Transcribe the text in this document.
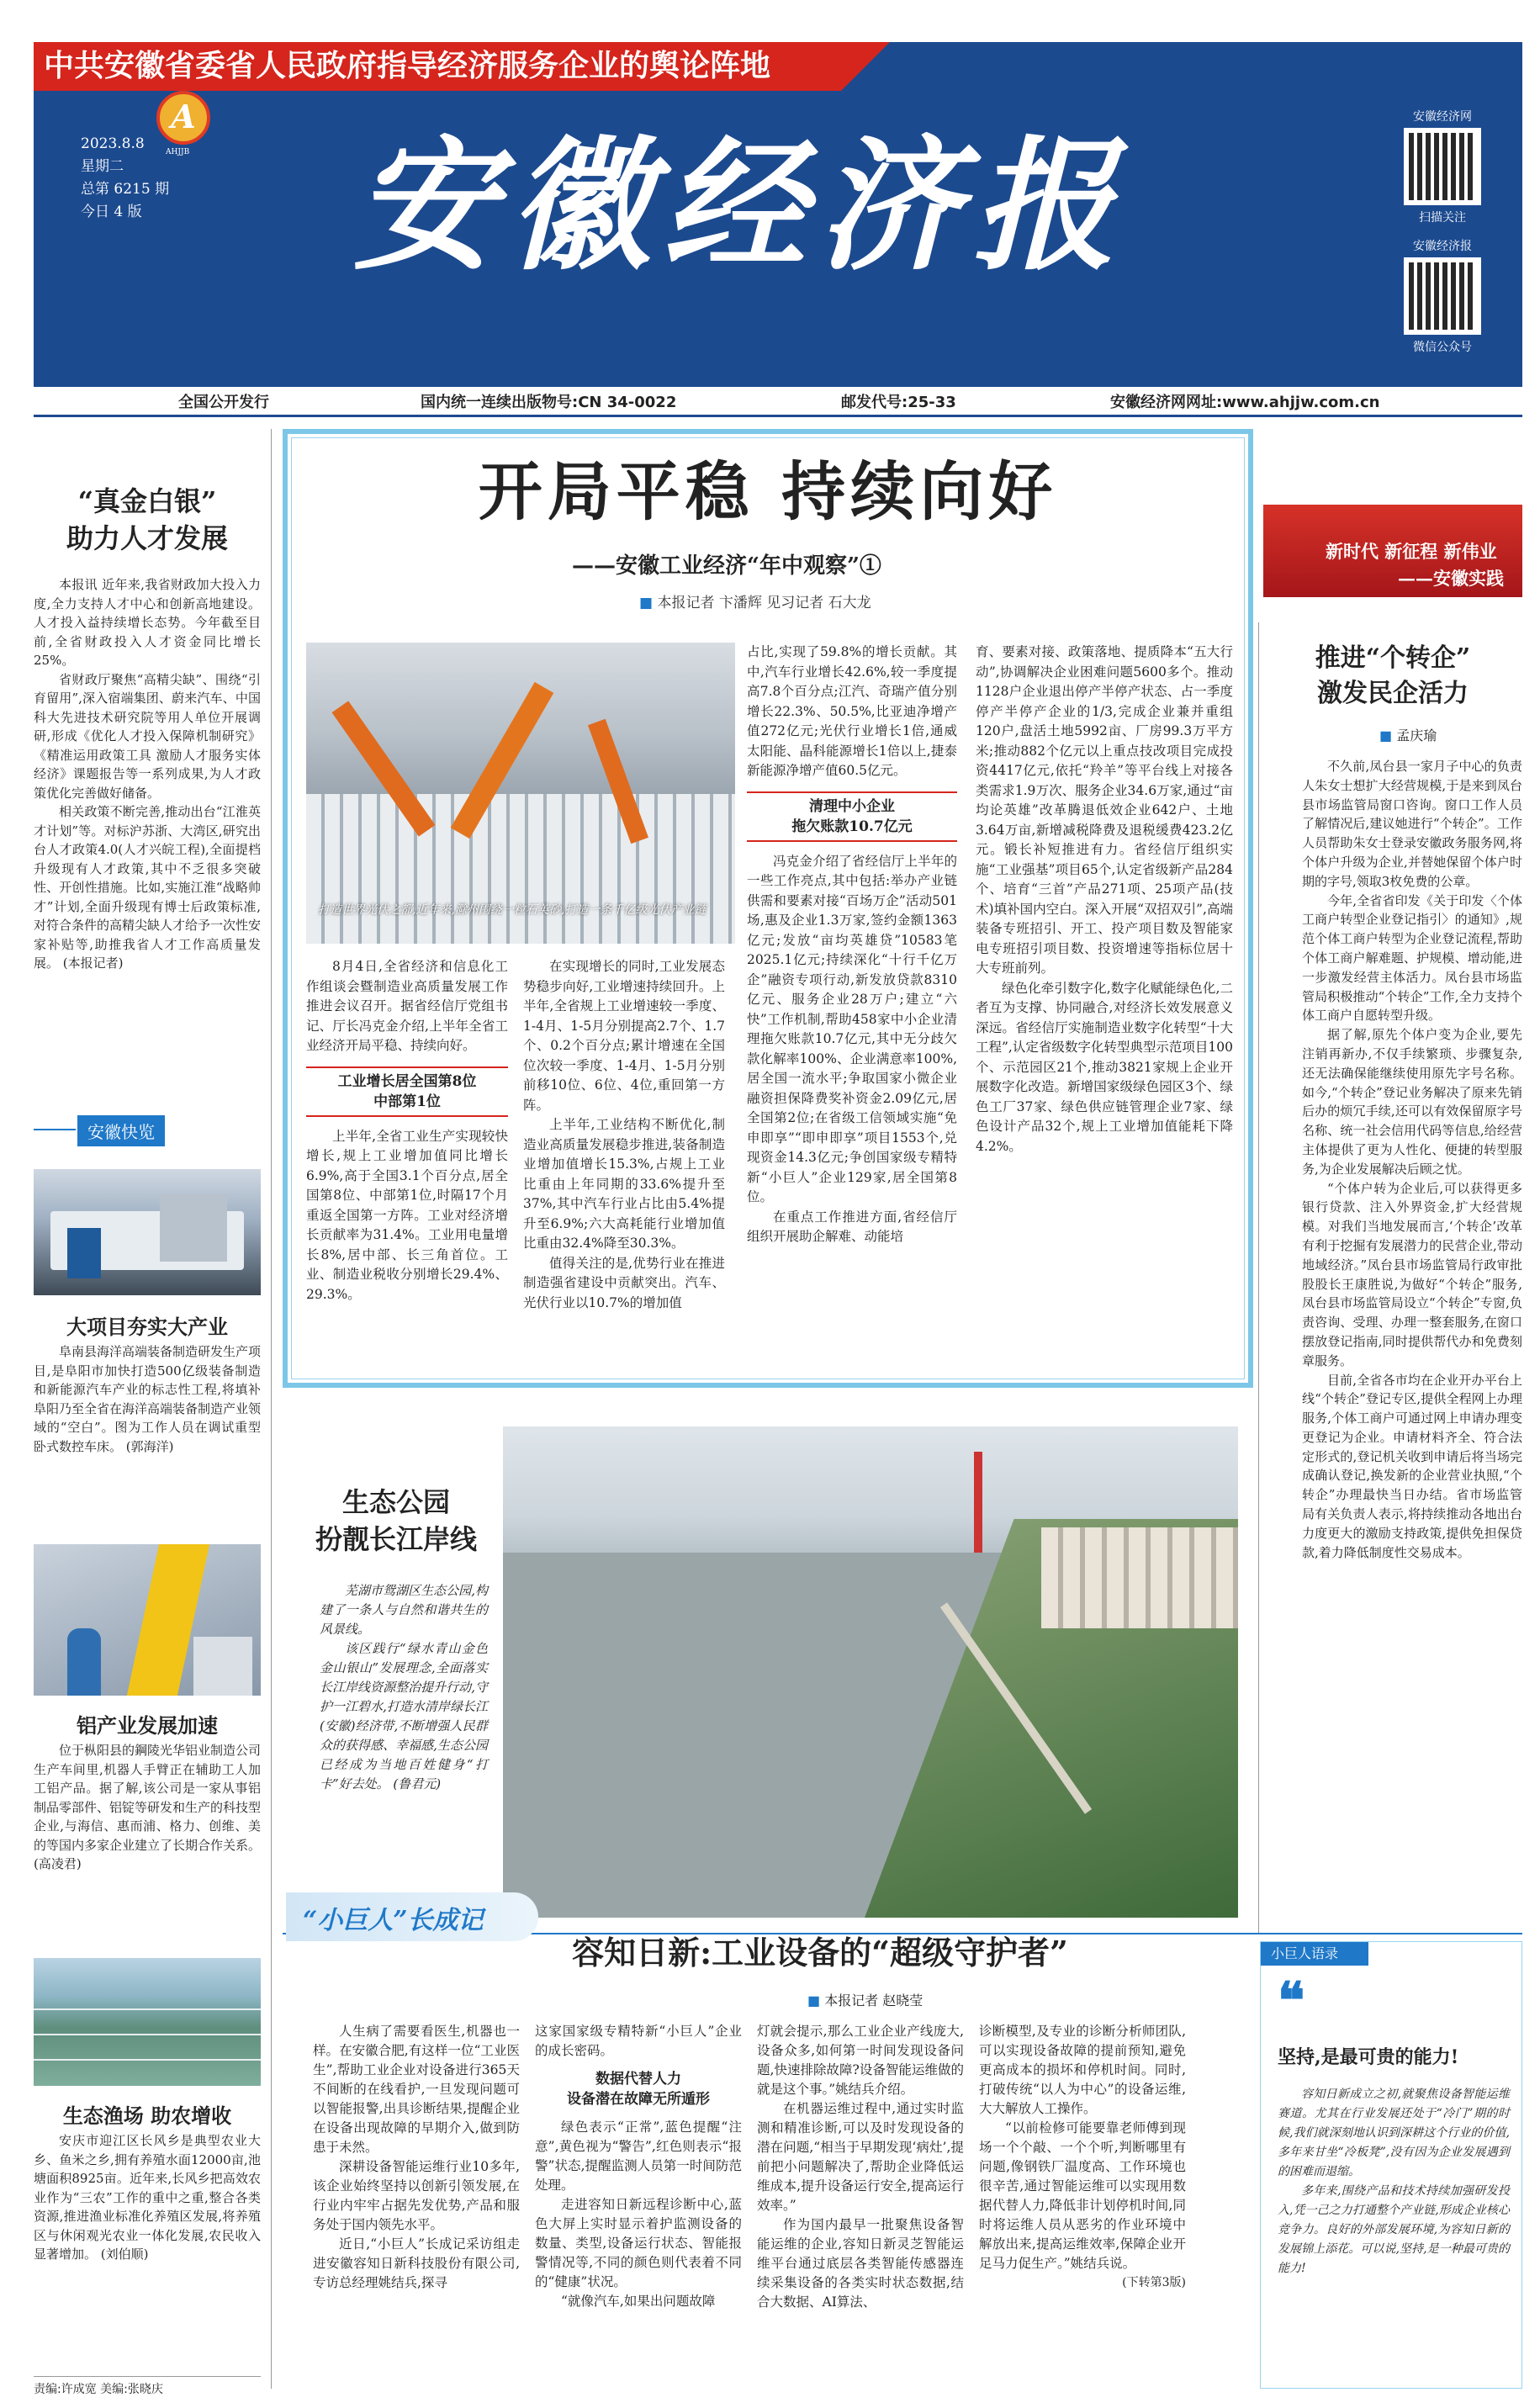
中共安徽省委省人民政府指导经济服务企业的舆论阵地
A
AHJJB
2023.8.8
星期二
总第 6215 期
今日 4 版 安徽经济报
安徽经济网
扫描关注
安徽经济报
微信公众号
全国公开发行	国内统一连续出版物号:CN 34-0022	邮发代号:25-33	安徽经济网网址:www.ahjjw.com.cn
“真金白银”
助力人才发展

本报讯 近年来,我省财政加大投入力度,全力支持人才中心和创新高地建设。人才投入益持续增长态势。今年截至目前,全省财政投入人才资金同比增长25%。

省财政厅聚焦“高精尖缺”、围绕“引育留用”,深入宿端集团、蔚来汽车、中国科大先进技术研究院等用人单位开展调研,形成《优化人才投入保障机制研究》《精准运用政策工具 激励人才服务实体经济》课题报告等一系列成果,为人才政策优化完善做好储备。

相关政策不断完善,推动出台“江淮英才计划”等。对标沪苏浙、大湾区,研究出台人才政策4.0(人才兴皖工程),全面提档升级现有人才政策,其中不乏很多突破性、开创性措施。比如,实施江淮“战略帅才”计划,全面升级现有博士后政策标准,对符合条件的高精尖缺人才给予一次性安家补贴等,助推我省人才工作高质量发展。 (本报记者)

安徽快览
大项目夯实大产业

阜南县海洋高端装备制造研发生产项目,是阜阳市加快打造500亿级装备制造和新能源汽车产业的标志性工程,将填补阜阳乃至全省在海洋高端装备制造产业领域的“空白”。图为工作人员在调试重型卧式数控车床。 (郭海洋)

铝产业发展加速

位于枞阳县的鋼陵光华铝业制造公司生产车间里,机器人手臂正在辅助工人加工铝产品。据了解,该公司是一家从事铝制品零部件、铝锭等研发和生产的科技型企业,与海信、惠而浦、格力、创维、美的等国内多家企业建立了长期合作关系。 (高凌君)

生态渔场 助农增收

安庆市迎江区长风乡是典型农业大乡、鱼米之乡,拥有养殖水面12000亩,池塘面积8925亩。近年来,长风乡把高效农业作为“三农”工作的重中之重,整合各类资源,推进渔业标准化养殖区发展,将养殖区与休闲观光农业一体化发展,农民收入显著增加。 (刘伯顺)

责编:许成宽 美编:张晓庆
开局平稳 持续向好
——安徽工业经济“年中观察”①
■ 本报记者 卞潘辉 见习记者 石大龙
打造世界光伏之都,近年来,滁州围绕一粒石英砂,打造一条千亿级光伏产业链

8月4日,全省经济和信息化工作组谈会暨制造业高质量发展工作推进会议召开。据省经信厅党组书记、厅长冯克金介绍,上半年全省工业经济开局平稳、持续向好。

工业增长居全国第8位
中部第1位

上半年,全省工业生产实现较快增长,规上工业增加值同比增长6.9%,高于全国3.1个百分点,居全国第8位、中部第1位,时隔17个月重返全国第一方阵。工业对经济增长贡献率为31.4%。工业用电量增长8%,居中部、长三角首位。工业、制造业税收分别增长29.4%、29.3%。

在实现增长的同时,工业发展态势稳步向好,工业增速持续回升。上半年,全省规上工业增速较一季度、1-4月、1-5月分别提高2.7个、1.7个、0.2个百分点;累计增速在全国位次较一季度、1-4月、1-5月分别前移10位、6位、4位,重回第一方阵。

上半年,工业结构不断优化,制造业高质量发展稳步推进,装备制造业增加值增长15.3%,占规上工业比重由上年同期的33.6%提升至37%,其中汽车行业占比由5.4%提升至6.9%;六大高耗能行业增加值比重由32.4%降至30.3%。

值得关注的是,优势行业在推进制造强省建设中贡献突出。汽车、光伏行业以10.7%的增加值

占比,实现了59.8%的增长贡献。其中,汽车行业增长42.6%,较一季度提高7.8个百分点;江汽、奇瑞产值分别增长22.3%、50.5%,比亚迪净增产值272亿元;光伏行业增长1倍,通威太阳能、晶科能源增长1倍以上,捷泰新能源净增产值60.5亿元。

清理中小企业
拖欠账款10.7亿元

冯克金介绍了省经信厅上半年的一些工作亮点,其中包括:举办产业链供需和要素对接“百场万企”活动501场,惠及企业1.3万家,签约金额1363亿元;发放“亩均英雄贷”10583笔2025.1亿元;持续深化“十行千亿万企”融资专项行动,新发放贷款8310亿元、服务企业28万户;建立“六快”工作机制,帮助458家中小企业清理拖欠账款10.7亿元,其中无分歧欠款化解率100%、企业满意率100%,居全国一流水平;争取国家小微企业融资担保降费奖补资金2.09亿元,居全国第2位;在省级工信领域实施“免申即享”“即申即享”项目1553个,兑现资金14.3亿元;争创国家级专精特新“小巨人”企业129家,居全国第8位。

在重点工作推进方面,省经信厅组织开展助企解难、动能培

育、要素对接、政策落地、提质降本“五大行动”,协调解决企业困难问题5600多个。推动1128户企业退出停产半停产状态、占一季度停产半停产企业的1/3,完成企业兼并重组120户,盘活土地5992亩、厂房99.3万平方米;推动882个亿元以上重点技改项目完成投资4417亿元,依托“羚羊”等平台线上对接各类需求1.9万次、服务企业34.6万家,通过“亩均论英雄”改革腾退低效企业642户、土地3.64万亩,新增减税降费及退税缓费423.2亿元。锻长补短推进有力。省经信厅组织实施“工业强基”项目65个,认定省级新产品284个、培育“三首”产品271项、25项产品(技术)填补国内空白。深入开展“双招双引”,高端装备专班招引、开工、投产项目数及智能家电专班招引项目数、投资增速等指标位居十大专班前列。

绿色化牵引数字化,数字化赋能绿色化,二者互为支撑、协同融合,对经济长效发展意义深远。省经信厅实施制造业数字化转型“十大工程”,认定省级数字化转型典型示范项目100个、示范园区21个,推动3821家规上企业开展数字化改造。新增国家级绿色园区3个、绿色工厂37家、绿色供应链管理企业7家、绿色设计产品32个,规上工业增加值能耗下降4.2%。

生态公园
扮靓长江岸线

芜湖市鸳湖区生态公园,构建了一条人与自然和谐共生的风景线。

该区践行“绿水青山金色金山银山”发展理念,全面落实长江岸线资源整治提升行动,守护一江碧水,打造水清岸绿长江(安徽)经济带,不断增强人民群众的获得感、幸福感,生态公园已经成为当地百姓健身“打卡”好去处。 (鲁君元)

新时代 新征程 新伟业
——安徽实践
推进“个转企”
激发民企活力
■ 孟庆瑜

不久前,凤台县一家月子中心的负责人朱女士想扩大经营规模,于是来到凤台县市场监管局窗口咨询。窗口工作人员了解情况后,建议她进行“个转企”。工作人员帮助朱女士登录安徽政务服务网,将个体户升级为企业,并替她保留个体户时期的字号,领取3枚免费的公章。

今年,全省省印发《关于印发〈个体工商户转型企业登记指引〉的通知》,规范个体工商户转型为企业登记流程,帮助个体工商户解难题、护规模、增动能,进一步激发经营主体活力。凤台县市场监管局积极推动“个转企”工作,全力支持个体工商户自愿转型升级。

据了解,原先个体户变为企业,要先注销再新办,不仅手续繁琐、步骤复杂,还无法确保能继续使用原先字号名称。如今,“个转企”登记业务解决了原来先销后办的烦冗手续,还可以有效保留原字号名称、统一社会信用代码等信息,给经营主体提供了更为人性化、便捷的转型服务,为企业发展解决后顾之忧。

“个体户转为企业后,可以获得更多银行贷款、注入外界资金,扩大经营规模。对我们当地发展而言,‘个转企’改革有利于挖掘有发展潜力的民营企业,带动地域经济。”凤台县市场监管局行政审批股股长王康胜说,为做好“个转企”服务,凤台县市场监管局设立“个转企”专窗,负责咨询、受理、办理一整套服务,在窗口摆放登记指南,同时提供帮代办和免费刻章服务。

目前,全省各市均在企业开办平台上线“个转企”登记专区,提供全程网上办理服务,个体工商户可通过网上申请办理变更登记为企业。申请材料齐全、符合法定形式的,登记机关收到申请后将当场完成确认登记,换发新的企业营业执照,“个转企”办理最快当日办结。省市场监管局有关负责人表示,将持续推动各地出台力度更大的激励支持政策,提供免担保贷款,着力降低制度性交易成本。

“小巨人”长成记
容知日新:工业设备的“超级守护者”
■ 本报记者 赵晓莹

人生病了需要看医生,机器也一样。在安徽合肥,有这样一位“工业医生”,帮助工业企业对设备进行365天不间断的在线看护,一旦发现问题可以智能报警,出具诊断结果,提醒企业在设备出现故障的早期介入,做到防患于未然。

深耕设备智能运维行业10多年,该企业始终坚持以创新引领发展,在行业内牢牢占据先发优势,产品和服务处于国内领先水平。

近日,“小巨人”长成记采访组走进安徽容知日新科技股份有限公司,专访总经理姚结兵,探寻

这家国家级专精特新“小巨人”企业的成长密码。

数据代替人力
设备潜在故障无所遁形

绿色表示“正常”,蓝色提醒“注意”,黄色视为“警告”,红色则表示“报警”状态,提醒监测人员第一时间防范处理。

走进容知日新远程诊断中心,蓝色大屏上实时显示着护监测设备的数量、类型,设备运行状态、智能报警情况等,不同的颜色则代表着不同的“健康”状况。

“就像汽车,如果出问题故障

灯就会提示,那么工业企业产线庞大,设备众多,如何第一时间发现设备问题,快速排除故障?设备智能运维做的就是这个事。”姚结兵介绍。

在机器运维过程中,通过实时监测和精准诊断,可以及时发现设备的潜在问题,“相当于早期发现‘病灶’,提前把小问题解决了,帮助企业降低运维成本,提升设备运行安全,提高运行效率。”

作为国内最早一批聚焦设备智能运维的企业,容知日新灵芝智能运维平台通过底层各类智能传感器连续采集设备的各类实时状态数据,结合大数据、AI算法、

诊断模型,及专业的诊断分析师团队,可以实现设备故障的提前预知,避免更高成本的损坏和停机时间。同时,打破传统“以人为中心”的设备运维,大大解放人工操作。

“以前检修可能要靠老师傅到现场一个个敲、一个个听,判断哪里有问题,像钢铁厂温度高、工作环境也很辛苦,通过智能运维可以实现用数据代替人力,降低非计划停机时间,同时将运维人员从恶劣的作业环境中解放出来,提高运维效率,保障企业开足马力促生产。”姚结兵说。

(下转第3版)
小巨人语录
❝
坚持,是最可贵的能力!

容知日新成立之初,就聚焦设备智能运维赛道。尤其在行业发展还处于“冷门”期的时候,我们就深刻地认识到深耕这个行业的价值,多年来甘坐“冷板凳”,没有因为企业发展遇到的困难而退缩。

多年来,围绕产品和技术持续加强研发投入,凭一己之力打通整个产业链,形成企业核心竞争力。良好的外部发展环境,为容知日新的发展锦上添花。可以说,坚持,是一种最可贵的能力!
